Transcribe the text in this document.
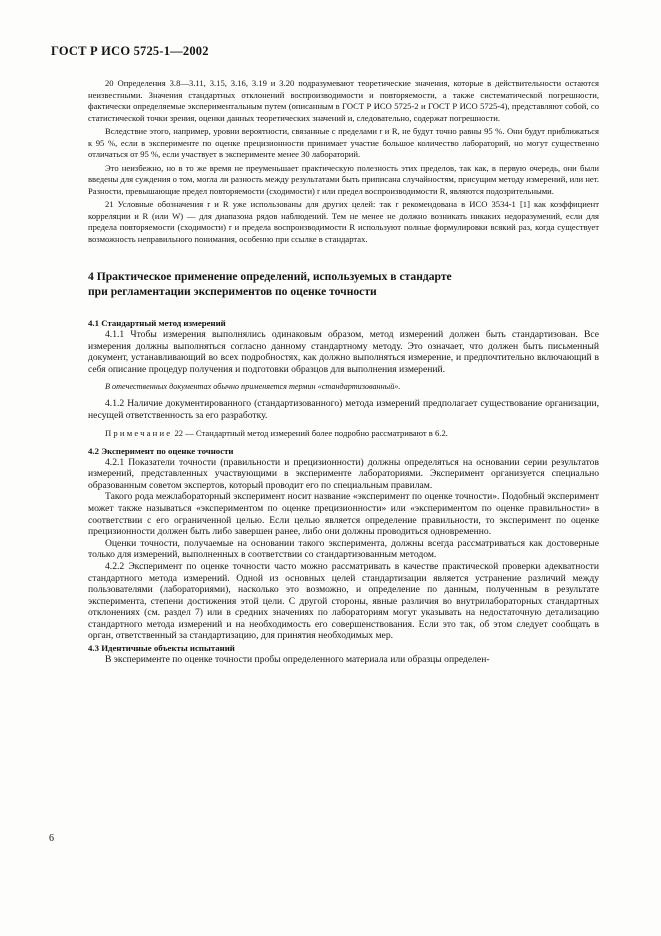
ГОСТ Р ИСО 5725-1—2002

20 Определения 3.8—3.11, 3.15, 3.16, 3.19 и 3.20 подразумевают теоретические значения, которые в действительности остаются неизвестными. Значения стандартных отклонений воспроизводимости и повторяемости, а также систематической погрешности, фактически определяемые экспериментальным путем (описанным в ГОСТ Р ИСО 5725-2 и ГОСТ Р ИСО 5725-4), представляют собой, со статистической точки зрения, оценки данных теоретических значений и, следовательно, содержат погрешности.

Вследствие этого, например, уровни вероятности, связанные с пределами r и R, не будут точно равны 95 %. Они будут приближаться к 95 %, если в эксперименте по оценке прецизионности принимает участие большое количество лабораторий, но могут существенно отличаться от 95 %, если участвует в эксперименте менее 30 лабораторий.

Это неизбежно, но в то же время не преуменьшает практическую полезность этих пределов, так как, в первую очередь, они были введены для суждения о том, могла ли разность между результатами быть приписана случайностям, присущим методу измерений, или нет. Разности, превышающие предел повторяемости (сходимости) r или предел воспроизводимости R, являются подозрительными.

21 Условные обозначения r и R уже использованы для других целей: так r рекомендована в ИСО 3534-1 [1] как коэффициент корреляции и R (или W) — для диапазона рядов наблюдений. Тем не менее не должно возникать никаких недоразумений, если для предела повторяемости (сходимости) r и предела воспроизводимости R используют полные формулировки всякий раз, когда существует возможность неправильного понимания, особенно при ссылке в стандартах.

4 Практическое применение определений, используемых в стандарте
при регламентации экспериментов по оценке точности

4.1 Стандартный метод измерений

4.1.1 Чтобы измерения выполнялись одинаковым образом, метод измерений должен быть стандартизован. Все измерения должны выполняться согласно данному стандартному методу. Это означает, что должен быть письменный документ, устанавливающий во всех подробностях, как должно выполняться измерение, и предпочтительно включающий в себя описание процедур получения и подготовки образцов для выполнения измерений.

В отечественных документах обычно применяется термин «стандартизованный».

4.1.2 Наличие документированного (стандартизованного) метода измерений предполагает существование организации, несущей ответственность за его разработку.

Примечание 22 — Стандартный метод измерений более подробно рассматривают в 6.2.

4.2 Эксперимент по оценке точности

4.2.1 Показатели точности (правильности и прецизионности) должны определяться на основании серии результатов измерений, представленных участвующими в эксперименте лабораториями. Эксперимент организуется специально образованным советом экспертов, который проводит его по специальным правилам.

Такого рода межлабораторный эксперимент носит название «эксперимент по оценке точности». Подобный эксперимент может также называться «экспериментом по оценке прецизионности» или «экспериментом по оценке правильности» в соответствии с его ограниченной целью. Если целью является определение правильности, то эксперимент по оценке прецизионности должен быть либо завершен ранее, либо они должны проводиться одновременно.

Оценки точности, получаемые на основании такого эксперимента, должны всегда рассматриваться как достоверные только для измерений, выполненных в соответствии со стандартизованным методом.

4.2.2 Эксперимент по оценке точности часто можно рассматривать в качестве практической проверки адекватности стандартного метода измерений. Одной из основных целей стандартизации является устранение различий между пользователями (лабораториями), насколько это возможно, и определение по данным, полученным в результате эксперимента, степени достижения этой цели. С другой стороны, явные различия во внутрилабораторных стандартных отклонениях (см. раздел 7) или в средних значениях по лабораториям могут указывать на недостаточную детализацию стандартного метода измерений и на необходимость его совершенствования. Если это так, об этом следует сообщать в орган, ответственный за стандартизацию, для принятия необходимых мер.

4.3 Идентичные объекты испытаний

В эксперименте по оценке точности пробы определенного материала или образцы определен-

6
